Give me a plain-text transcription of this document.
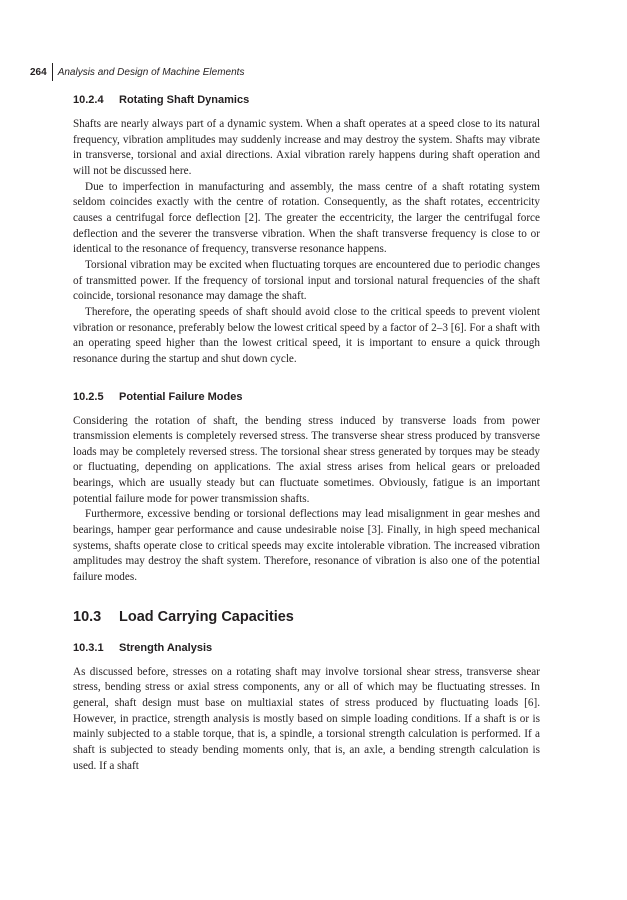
264 Analysis and Design of Machine Elements
10.2.4	Rotating Shaft Dynamics

Shafts are nearly always part of a dynamic system. When a shaft operates at a speed close to its natural frequency, vibration amplitudes may suddenly increase and may destroy the system. Shafts may vibrate in transverse, torsional and axial directions. Axial vibration rarely happens during shaft operation and will not be discussed here.

Due to imperfection in manufacturing and assembly, the mass centre of a shaft rotating system seldom coincides exactly with the centre of rotation. Consequently, as the shaft rotates, eccentricity causes a centrifugal force deflection [2]. The greater the eccentricity, the larger the centrifugal force deflection and the severer the transverse vibration. When the shaft transverse frequency is close to or identical to the resonance of frequency, transverse resonance happens.

Torsional vibration may be excited when fluctuating torques are encountered due to periodic changes of transmitted power. If the frequency of torsional input and torsional natural frequencies of the shaft coincide, torsional resonance may damage the shaft.

Therefore, the operating speeds of shaft should avoid close to the critical speeds to prevent violent vibration or resonance, preferably below the lowest critical speed by a factor of 2–3 [6]. For a shaft with an operating speed higher than the lowest critical speed, it is important to ensure a quick through resonance during the startup and shut down cycle.

10.2.5	Potential Failure Modes

Considering the rotation of shaft, the bending stress induced by transverse loads from power transmission elements is completely reversed stress. The transverse shear stress produced by transverse loads may be completely reversed stress. The torsional shear stress generated by torques may be steady or fluctuating, depending on applications. The axial stress arises from helical gears or preloaded bearings, which are usually steady but can fluctuate sometimes. Obviously, fatigue is an important potential failure mode for power transmission shafts.

Furthermore, excessive bending or torsional deflections may lead misalignment in gear meshes and bearings, hamper gear performance and cause undesirable noise [3]. Finally, in high speed mechanical systems, shafts operate close to critical speeds may excite intolerable vibration. The increased vibration amplitudes may destroy the shaft system. Therefore, resonance of vibration is also one of the potential failure modes.

10.3	Load Carrying Capacities
10.3.1	Strength Analysis

As discussed before, stresses on a rotating shaft may involve torsional shear stress, transverse shear stress, bending stress or axial stress components, any or all of which may be fluctuating stresses. In general, shaft design must base on multiaxial states of stress produced by fluctuating loads [6]. However, in practice, strength analysis is mostly based on simple loading conditions. If a shaft is or is mainly subjected to a stable torque, that is, a spindle, a torsional strength calculation is performed. If a shaft is subjected to steady bending moments only, that is, an axle, a bending strength calculation is used. If a shaft
